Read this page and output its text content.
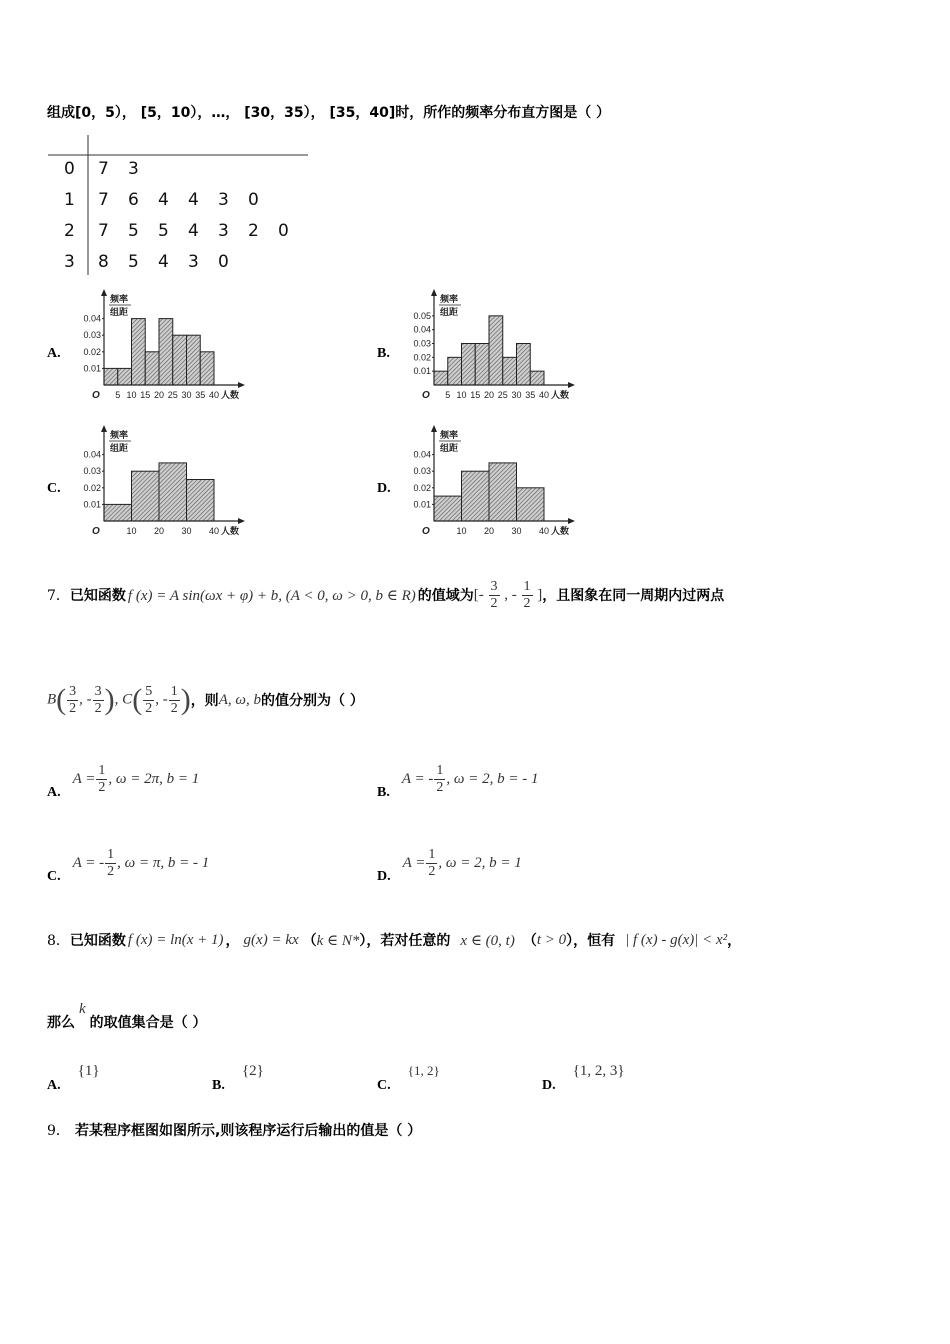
组成[0，5）， [5，10），…， [30，35）， [35，40]时，所作的频率分布直方图是（ ）
0 7 3
1 7 6 4 4 3 0
2 7 5 5 4 3 2 0
3 8 5 4 3 0
A.	B.
C.	D.
频率
组距
0.01
0.02
0.03
0.04
5 10 15 20 25 30 35 40 人数
O
频率
组距
0.01
0.02
0.03
0.04
0.05
5 10 15 20 25 30 35 40 人数
O
频率
组距
0.01
0.02
0.03
0.04
10 20 30 40 人数
O
频率
组距
0.01
0.02
0.03
0.04
10 20 30 40 人数
O
7． 已知函数 f (x) = A sin(ωx + φ) + b, (A < 0, ω > 0, b ∈ R) 的值域为 [- $\frac{3}{2}$ , - $\frac{1}{2}$ ] ，且图象在同一周期内过两点
$B( \frac{3}{2}$ , - $\frac{3}{2}$ ), $C( \frac{5}{2}$ , - $\frac{1}{2}$ ) ，则 A, ω, b 的值分别为（ ）
A.
$A = \frac{1}{2}$ , ω = 2π, b = 1
B.
A = - $\frac{1}{2}$ , ω = 2, b = - 1
C.
A = - $\frac{1}{2}$ , ω = π, b = - 1
D.
$A = \frac{1}{2}$ , ω = 2, b = 1
8． 已知函数 f (x) = ln(x + 1) ， g(x) = kx （ k ∈ N* ），若对任意的 x ∈ (0, t) （ t > 0 ），恒有 | f (x) - g(x)| < x² ，
那么
k
的取值集合是（ ）
A. {1}
B. {2}
C. {1, 2}
D. {1, 2, 3}
9． 若某程序框图如图所示,则该程序运行后输出的值是（ ）
